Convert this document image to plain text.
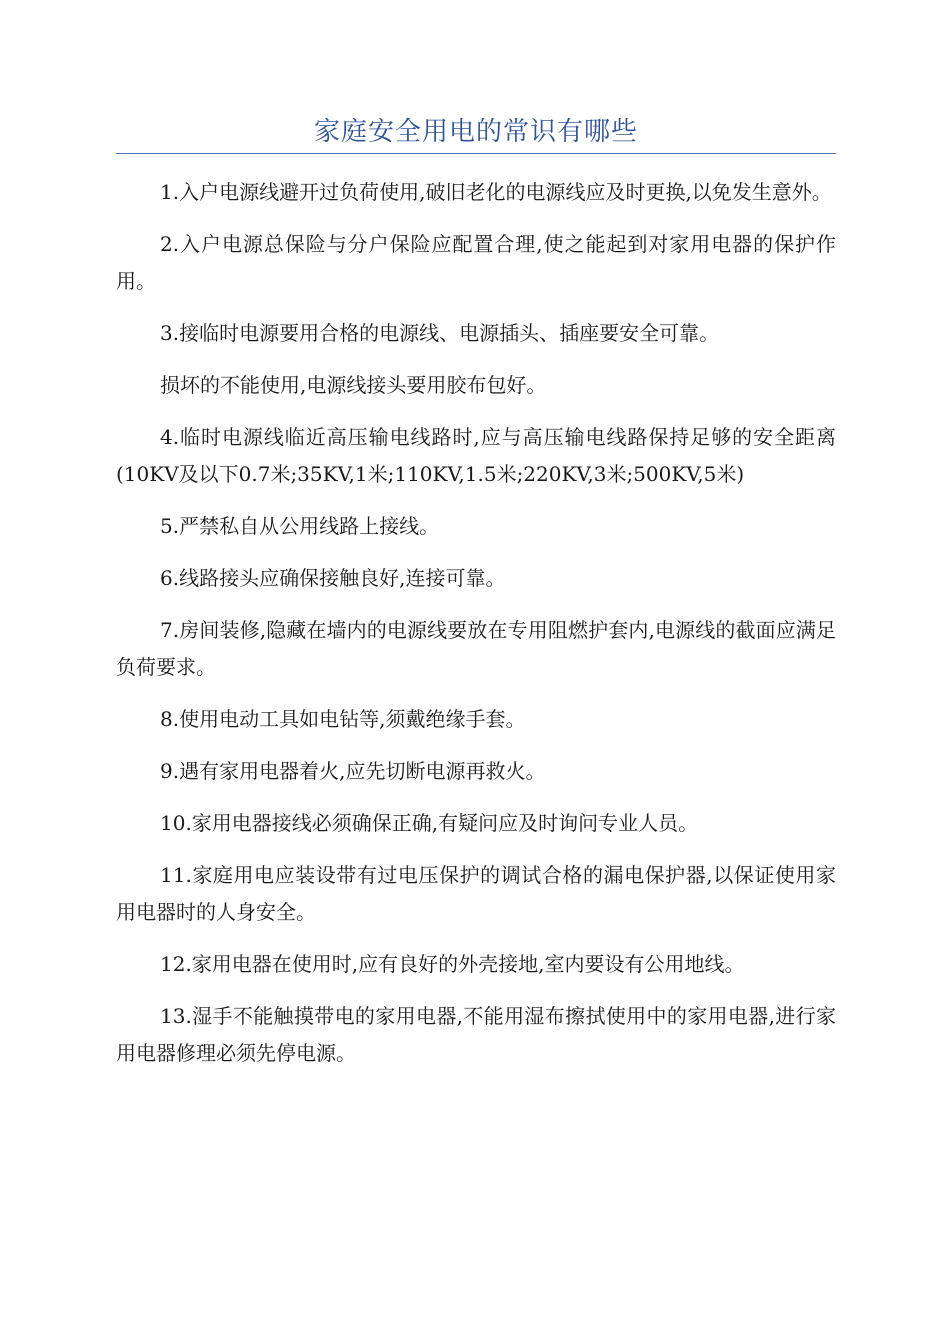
家庭安全用电的常识有哪些

1.入户电源线避开过负荷使用,破旧老化的电源线应及时更换,以免发生意外。

2.入户电源总保险与分户保险应配置合理,使之能起到对家用电器的保护作用。

3.接临时电源要用合格的电源线、电源插头、插座要安全可靠。

损坏的不能使用,电源线接头要用胶布包好。

4.临时电源线临近高压输电线路时,应与高压输电线路保持足够的安全距离(10KV及以下0.7米;35KV,1米;110KV,1.5米;220KV,3米;500KV,5米)

5.严禁私自从公用线路上接线。

6.线路接头应确保接触良好,连接可靠。

7.房间装修,隐藏在墙内的电源线要放在专用阻燃护套内,电源线的截面应满足负荷要求。

8.使用电动工具如电钻等,须戴绝缘手套。

9.遇有家用电器着火,应先切断电源再救火。

10.家用电器接线必须确保正确,有疑问应及时询问专业人员。

11.家庭用电应装设带有过电压保护的调试合格的漏电保护器,以保证使用家用电器时的人身安全。

12.家用电器在使用时,应有良好的外壳接地,室内要设有公用地线。

13.湿手不能触摸带电的家用电器,不能用湿布擦拭使用中的家用电器,进行家用电器修理必须先停电源。
